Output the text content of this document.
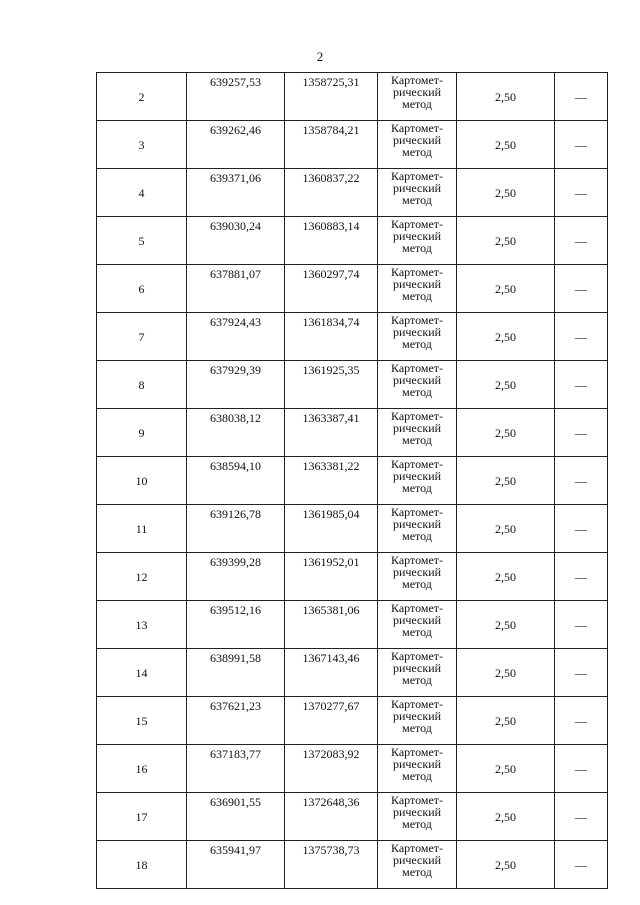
2
2	639257,53	1358725,31	Картомет-
рический
метод	2,50	—
3	639262,46	1358784,21	Картомет-
рический
метод	2,50	—
4	639371,06	1360837,22	Картомет-
рический
метод	2,50	—
5	639030,24	1360883,14	Картомет-
рический
метод	2,50	—
6	637881,07	1360297,74	Картомет-
рический
метод	2,50	—
7	637924,43	1361834,74	Картомет-
рический
метод	2,50	—
8	637929,39	1361925,35	Картомет-
рический
метод	2,50	—
9	638038,12	1363387,41	Картомет-
рический
метод	2,50	—
10	638594,10	1363381,22	Картомет-
рический
метод	2,50	—
11	639126,78	1361985,04	Картомет-
рический
метод	2,50	—
12	639399,28	1361952,01	Картомет-
рический
метод	2,50	—
13	639512,16	1365381,06	Картомет-
рический
метод	2,50	—
14	638991,58	1367143,46	Картомет-
рический
метод	2,50	—
15	637621,23	1370277,67	Картомет-
рический
метод	2,50	—
16	637183,77	1372083,92	Картомет-
рический
метод	2,50	—
17	636901,55	1372648,36	Картомет-
рический
метод	2,50	—
18	635941,97	1375738,73	Картомет-
рический
метод	2,50	—
